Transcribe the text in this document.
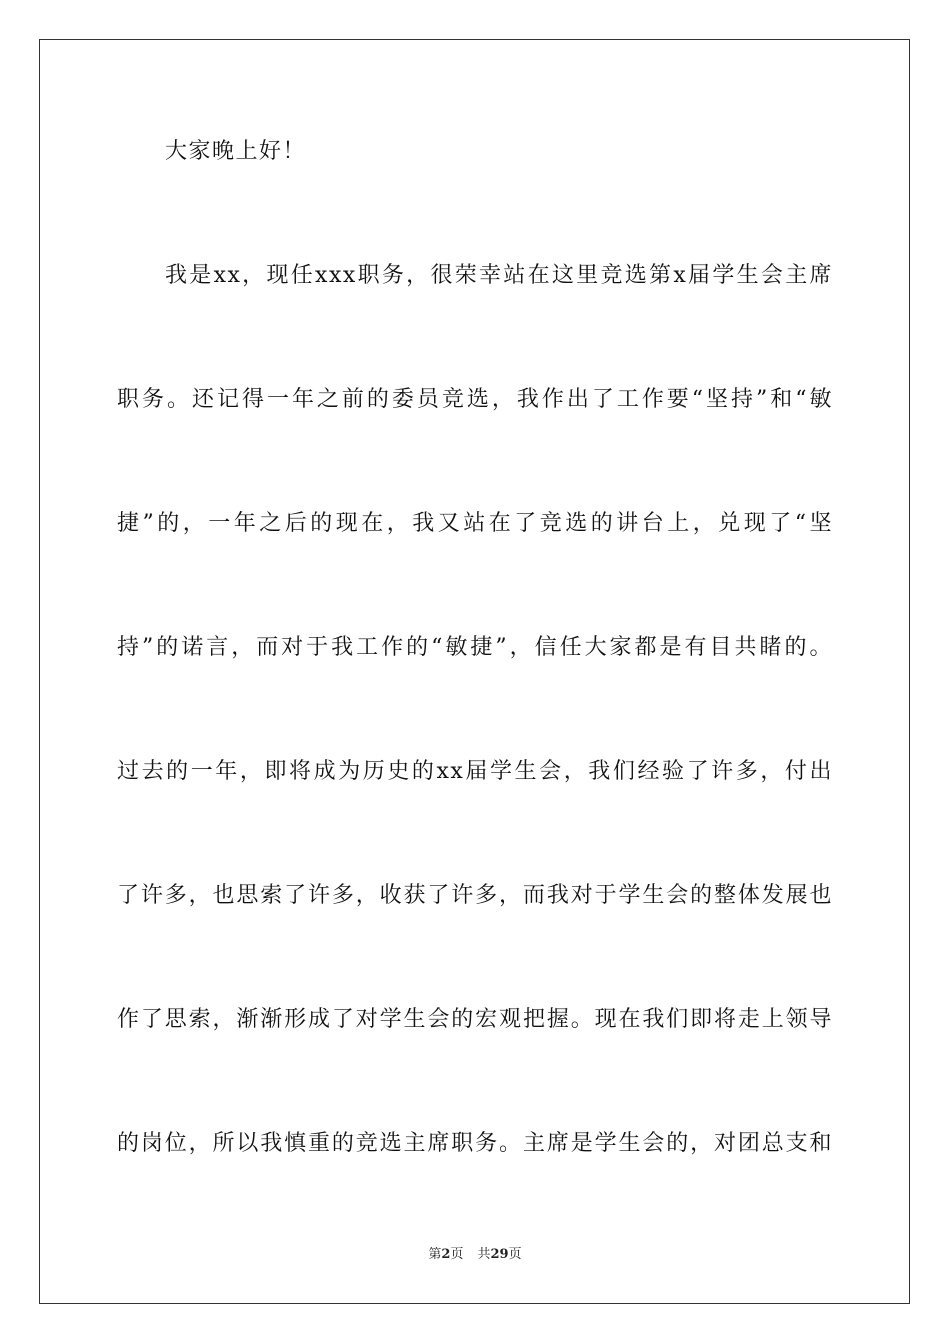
大家晚上好！
我是xx，现任xxx职务，很荣幸站在这里竞选第x届学生会主席
职务。还记得一年之前的委员竞选，我作出了工作要“坚持”和“敏
捷”的，一年之后的现在，我又站在了竞选的讲台上，兑现了“坚
持”的诺言，而对于我工作的“敏捷”，信任大家都是有目共睹的。
过去的一年，即将成为历史的xx届学生会，我们经验了许多，付出
了许多，也思索了许多，收获了许多，而我对于学生会的整体发展也
作了思索，渐渐形成了对学生会的宏观把握。现在我们即将走上领导
的岗位，所以我慎重的竞选主席职务。主席是学生会的，对团总支和
第2页 共29页
